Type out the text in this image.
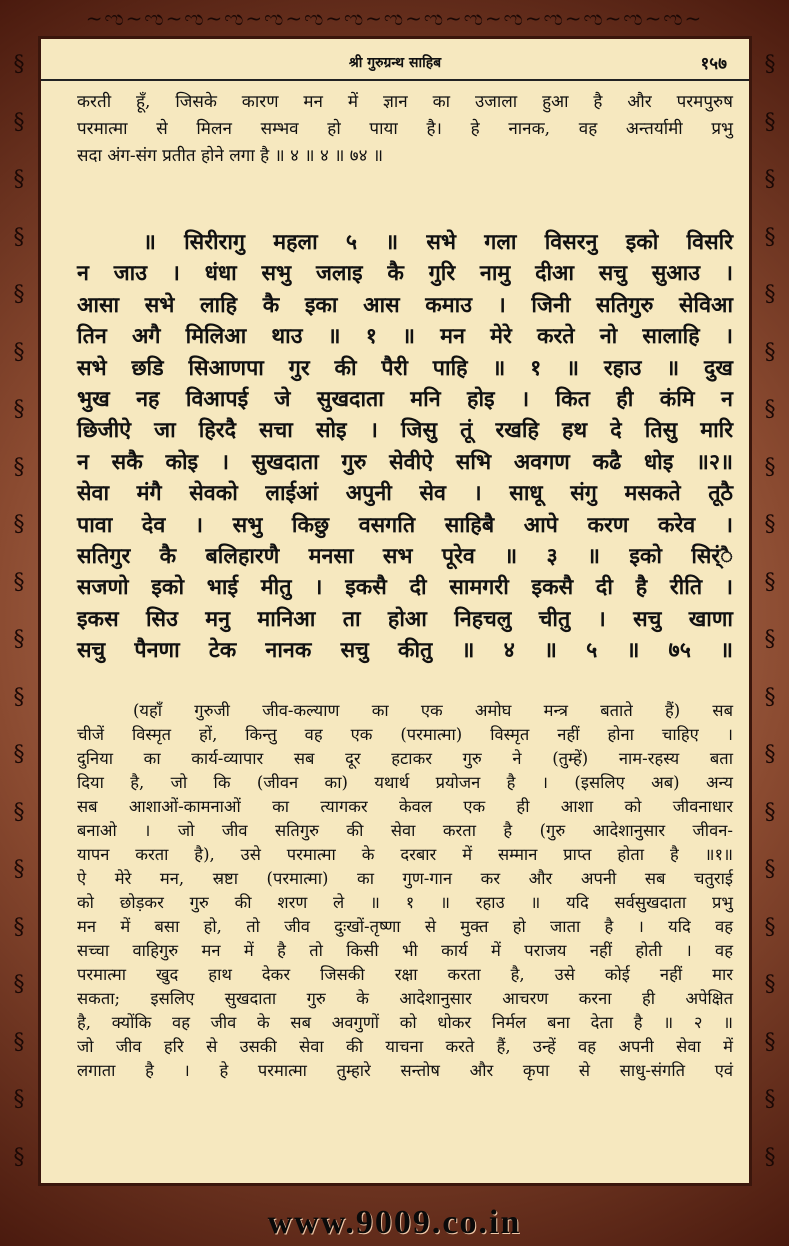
~ಌ~ಌ~ಌ~ಌ~ಌ~ಌ~ಌ~ಌ~ಌ~ಌ~ಌ~ಌ~ಌ~ಌ~ಌ~
§
§
§
§
§
§
§
§
§
§
§
§
§
§
§
§
§
§
§
§
§
§
§
§
§
§
§
§
§
§
§
§
§
§
§
§
§
§
§
§
श्री गुरुग्रन्थ साहिब	१५७
करती हूँ, जिसके कारण मन में ज्ञान का उजाला हुआ है और परमपुरुष
परमात्मा से मिलन सम्भव हो पाया है। हे नानक, वह अन्तर्यामी प्रभु
सदा अंग-संग प्रतीत होने लगा है ॥ ४ ॥ ४ ॥ ७४ ॥
॥ सिरीरागु महला ५ ॥ सभे गला विसरनु इको विसरि
न जाउ । धंधा सभु जलाइ कै गुरि नामु दीआ सचु सुआउ ।
आसा सभे लाहि कै इका आस कमाउ । जिनी सतिगुरु सेविआ
तिन अगै मिलिआ थाउ ॥ १ ॥ मन मेरे करते नो सालाहि ।
सभे छडि सिआणपा गुर की पैरी पाहि ॥ १ ॥ रहाउ ॥ दुख
भुख नह विआपई जे सुखदाता मनि होइ । कित ही कंमि न
छिजीऐ जा हिरदै सचा सोइ । जिसु तूं रखहि हथ दे तिसु मारि
न सकै कोइ । सुखदाता गुरु सेवीऐ सभि अवगण कढै धोइ ॥२॥
सेवा मंगै सेवको लाईआं अपुनी सेव । साधू संगु मसकते तूठै
पावा देव । सभु किछु वसगति साहिबै आपे करण करेव ।
सतिगुर कै बलिहारणै मनसा सभ पूरेव ॥ ३ ॥ इको सिर्ंै
सजणो इको भाई मीतु । इकसै दी सामगरी इकसै दी है रीति ।
इकस सिउ मनु मानिआ ता होआ निहचलु चीतु । सचु खाणा
सचु पैनणा टेक नानक सचु कीतु ॥ ४ ॥ ५ ॥ ७५ ॥
(यहाँ गुरुजी जीव-कल्याण का एक अमोघ मन्त्र बताते हैं) सब
चीजें विस्मृत हों, किन्तु वह एक (परमात्मा) विस्मृत नहीं होना चाहिए ।
दुनिया का कार्य-व्यापार सब दूर हटाकर गुरु ने (तुम्हें) नाम-रहस्य बता
दिया है, जो कि (जीवन का) यथार्थ प्रयोजन है । (इसलिए अब) अन्य
सब आशाओं-कामनाओं का त्यागकर केवल एक ही आशा को जीवनाधार
बनाओ । जो जीव सतिगुरु की सेवा करता है (गुरु आदेशानुसार जीवन-
यापन करता है), उसे परमात्मा के दरबार में सम्मान प्राप्त होता है ॥१॥
ऐ मेरे मन, स्रष्टा (परमात्मा) का गुण-गान कर और अपनी सब चतुराई
को छोड़कर गुरु की शरण ले ॥ १ ॥ रहाउ ॥ यदि सर्वसुखदाता प्रभु
मन में बसा हो, तो जीव दुःखों-तृष्णा से मुक्त हो जाता है । यदि वह
सच्चा वाहिगुरु मन में है तो किसी भी कार्य में पराजय नहीं होती । वह
परमात्मा खुद हाथ देकर जिसकी रक्षा करता है, उसे कोई नहीं मार
सकता; इसलिए सुखदाता गुरु के आदेशानुसार आचरण करना ही अपेक्षित
है, क्योंकि वह जीव के सब अवगुणों को धोकर निर्मल बना देता है ॥ २ ॥
जो जीव हरि से उसकी सेवा की याचना करते हैं, उन्हें वह अपनी सेवा में
लगाता है । हे परमात्मा तुम्हारे सन्तोष और कृपा से साधु-संगति एवं
www.9009.co.in
